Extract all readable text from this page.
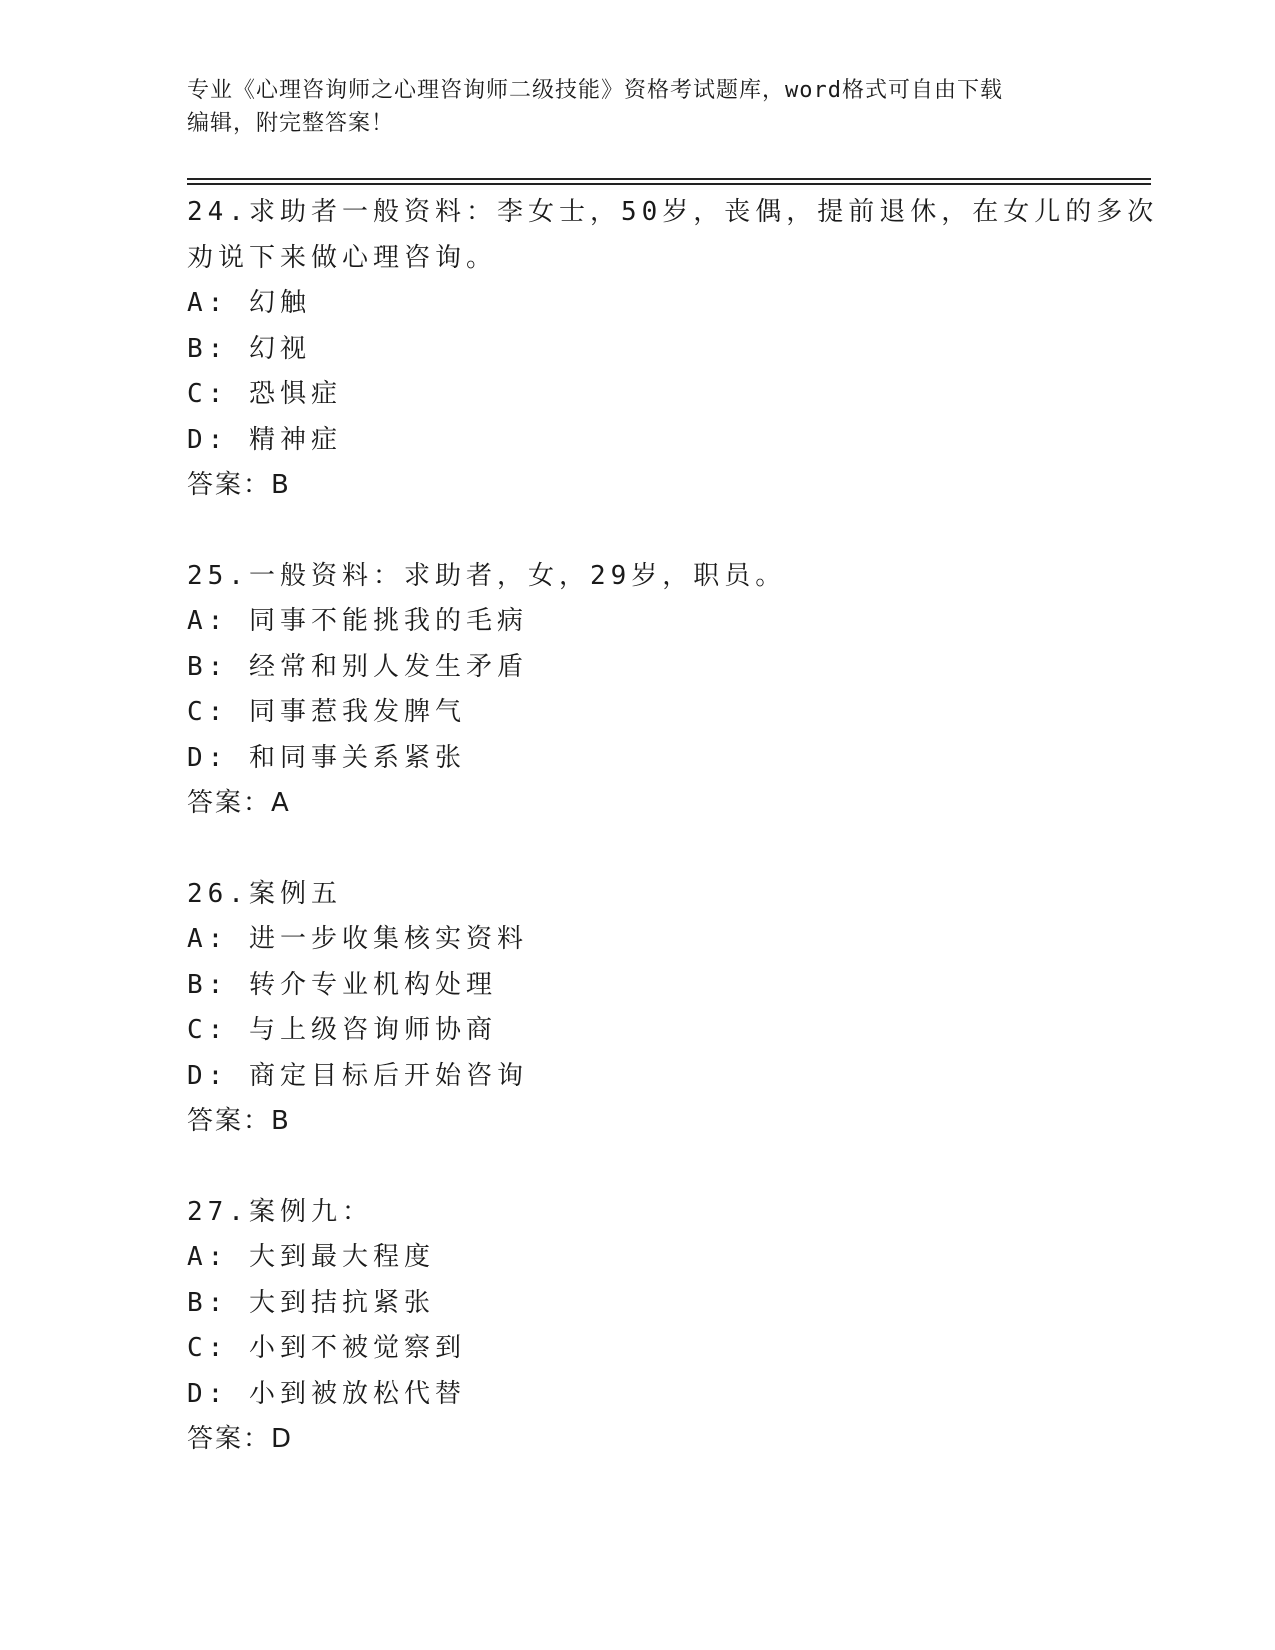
专业《心理咨询师之心理咨询师二级技能》资格考试题库，word格式可自由下载
编辑，附完整答案！
24.求助者一般资料：李女士，50岁，丧偶，提前退休，在女儿的多次
劝说下来做心理咨询。
A: 幻触
B: 幻视
C: 恐惧症
D: 精神症
答案：B
25.一般资料：求助者，女，29岁，职员。
A: 同事不能挑我的毛病
B: 经常和别人发生矛盾
C: 同事惹我发脾气
D: 和同事关系紧张
答案：A
26.案例五
A: 进一步收集核实资料
B: 转介专业机构处理
C: 与上级咨询师协商
D: 商定目标后开始咨询
答案：B
27.案例九：
A: 大到最大程度
B: 大到拮抗紧张
C: 小到不被觉察到
D: 小到被放松代替
答案：D
